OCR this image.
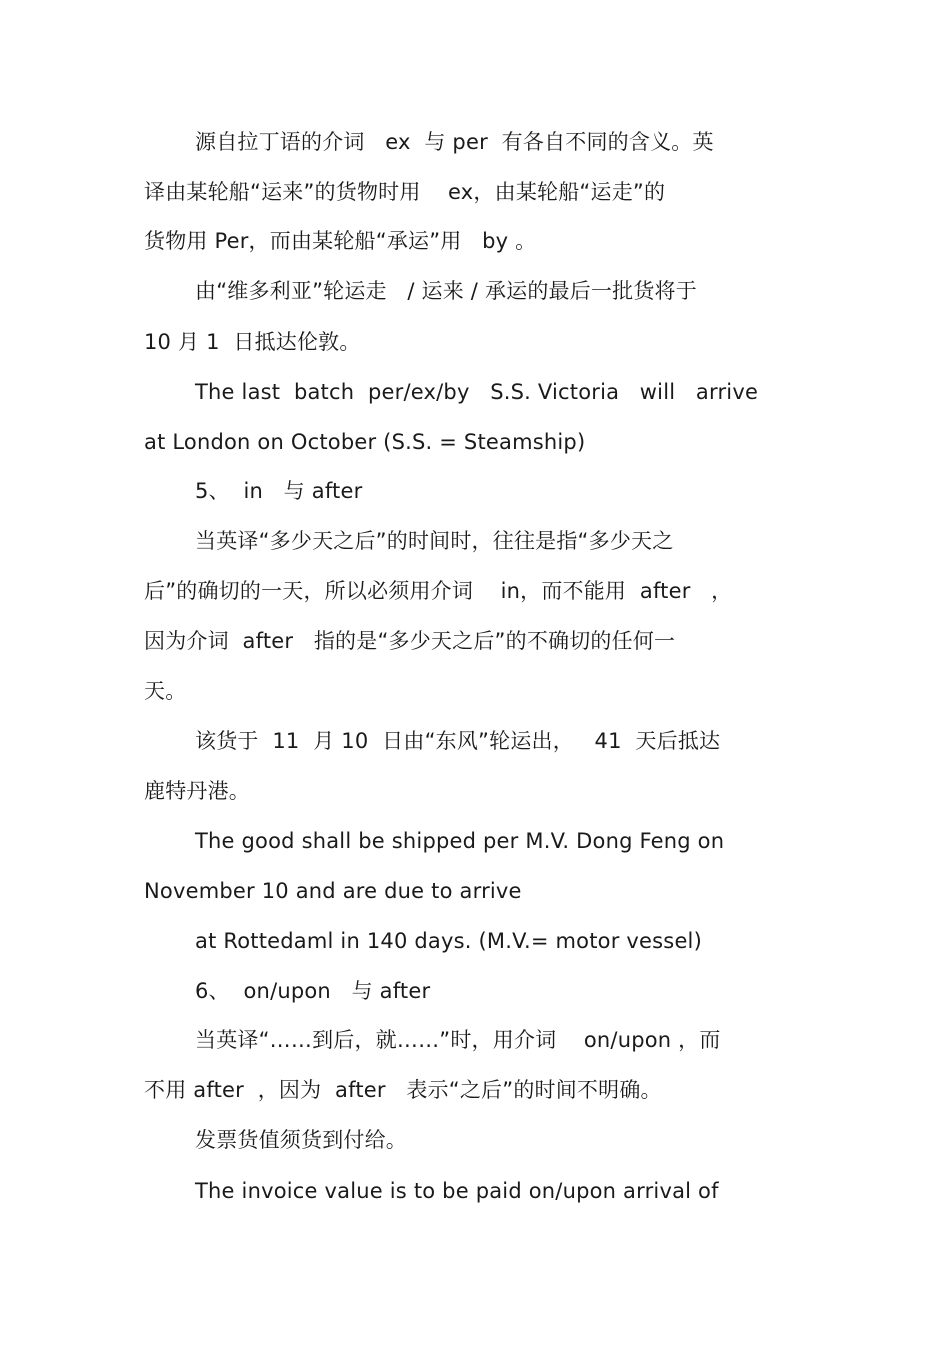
源自拉丁语的介词   ex  与 per  有各自不同的含义。英
译由某轮船“运来”的货物时用    ex，由某轮船“运走”的
货物用 Per，而由某轮船“承运”用   by 。
由“维多利亚”轮运走   / 运来 / 承运的最后一批货将于
10 月 1  日抵达伦敦。
The last  batch  per/ex/by   S.S. Victoria   will   arrive
at London on October (S.S. = Steamship)
5、  in   与 after
当英译“多少天之后”的时间时，往往是指“多少天之
后”的确切的一天，所以必须用介词    in，而不能用  after   ，
因为介词  after   指的是“多少天之后”的不确切的任何一
天。
该货于  11  月 10  日由“东风”轮运出，   41  天后抵达
鹿特丹港。
The good shall be shipped per M.V. Dong Feng on
November 10 and are due to arrive
at Rottedaml in 140 days. (M.V.= motor vessel)
6、  on/upon   与 after
当英译“……到后，就……”时，用介词    on/upon ，而
不用 after  ，因为  after   表示“之后”的时间不明确。
发票货值须货到付给。
The invoice value is to be paid on/upon arrival of
